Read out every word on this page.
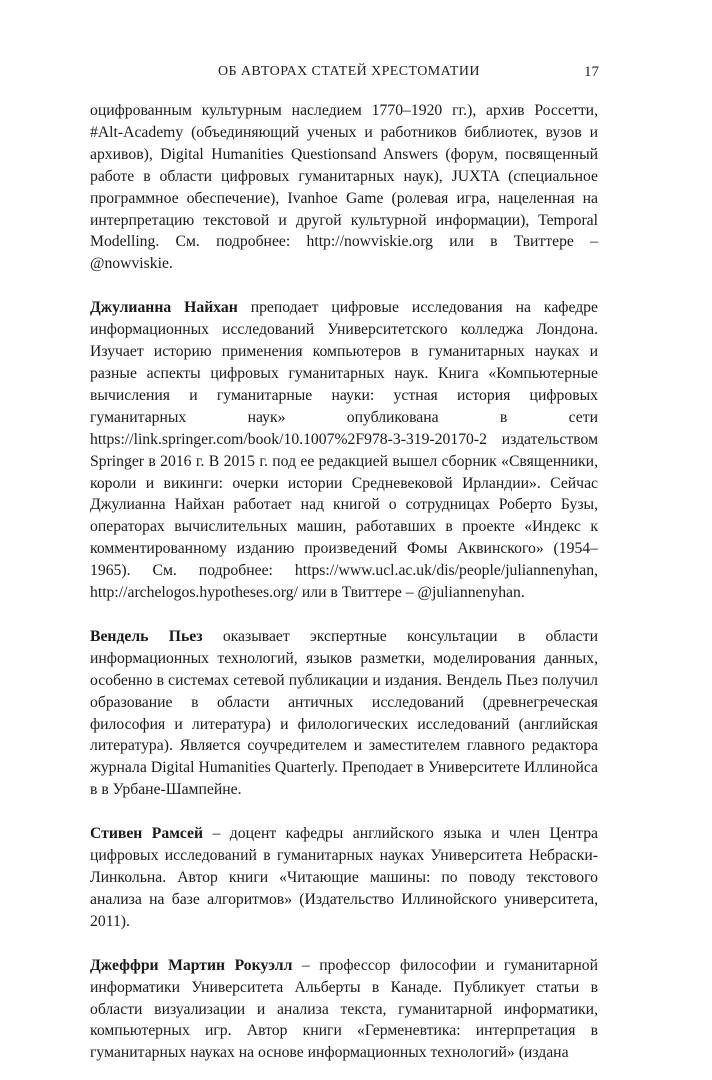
ОБ АВТОРАХ СТАТЕЙ ХРЕСТОМАТИИ	17

оцифрованным культурным наследием 1770–1920 гг.), архив Россетти, #Alt-Academy (объединяющий ученых и работников библиотек, вузов и архивов), Digital Humanities Questionsand Answers (форум, посвященный работе в области цифровых гуманитарных наук), JUXTA (специальное программное обеспечение), Ivanhoe Game (ролевая игра, нацеленная на интерпретацию текстовой и другой культурной информации), Temporal Modelling. См. подробнее: http://nowviskie.org или в Твиттере – @nowviskie.

Джулианна Найхан преподает цифровые исследования на кафедре информационных исследований Университетского колледжа Лондона. Изучает историю применения компьютеров в гуманитарных науках и разные аспекты цифровых гуманитарных наук. Книга «Компьютерные вычисления и гуманитарные науки: устная история цифровых гуманитарных наук» опубликована в сети https://link.springer.com/book/10.1007%2F978-3-319-20170-2 издательством Springer в 2016 г. В 2015 г. под ее редакцией вышел сборник «Священники, короли и викинги: очерки истории Средневековой Ирландии». Сейчас Джулианна Найхан работает над книгой о сотрудницах Роберто Бузы, операторах вычислительных машин, работавших в проекте «Индекс к комментированному изданию произведений Фомы Аквинского» (1954–1965). См. подробнее: https://www.ucl.ac.uk/dis/people/juliannenyhan, http://archelogos.hypotheses.org/ или в Твиттере – @juliannenyhan.

Вендель Пьез оказывает экспертные консультации в области информационных технологий, языков разметки, моделирования данных, особенно в системах сетевой публикации и издания. Вендель Пьез получил образование в области античных исследований (древнегреческая философия и литература) и филологических исследований (английская литература). Является соучредителем и заместителем главного редактора журнала Digital Humanities Quarterly. Преподает в Университете Иллинойса в в Урбане-Шампейне.

Стивен Рамсей – доцент кафедры английского языка и член Центра цифровых исследований в гуманитарных науках Университета Небраски-Линкольна. Автор книги «Читающие машины: по поводу текстового анализа на базе алгоритмов» (Издательство Иллинойского университета, 2011).

Джеффри Мартин Рокуэлл – профессор философии и гуманитарной информатики Университета Альберты в Канаде. Публикует статьи в области визуализации и анализа текста, гуманитарной информатики, компьютерных игр. Автор книги «Герменевтика: интерпретация в гуманитарных науках на основе информационных технологий» (издана
